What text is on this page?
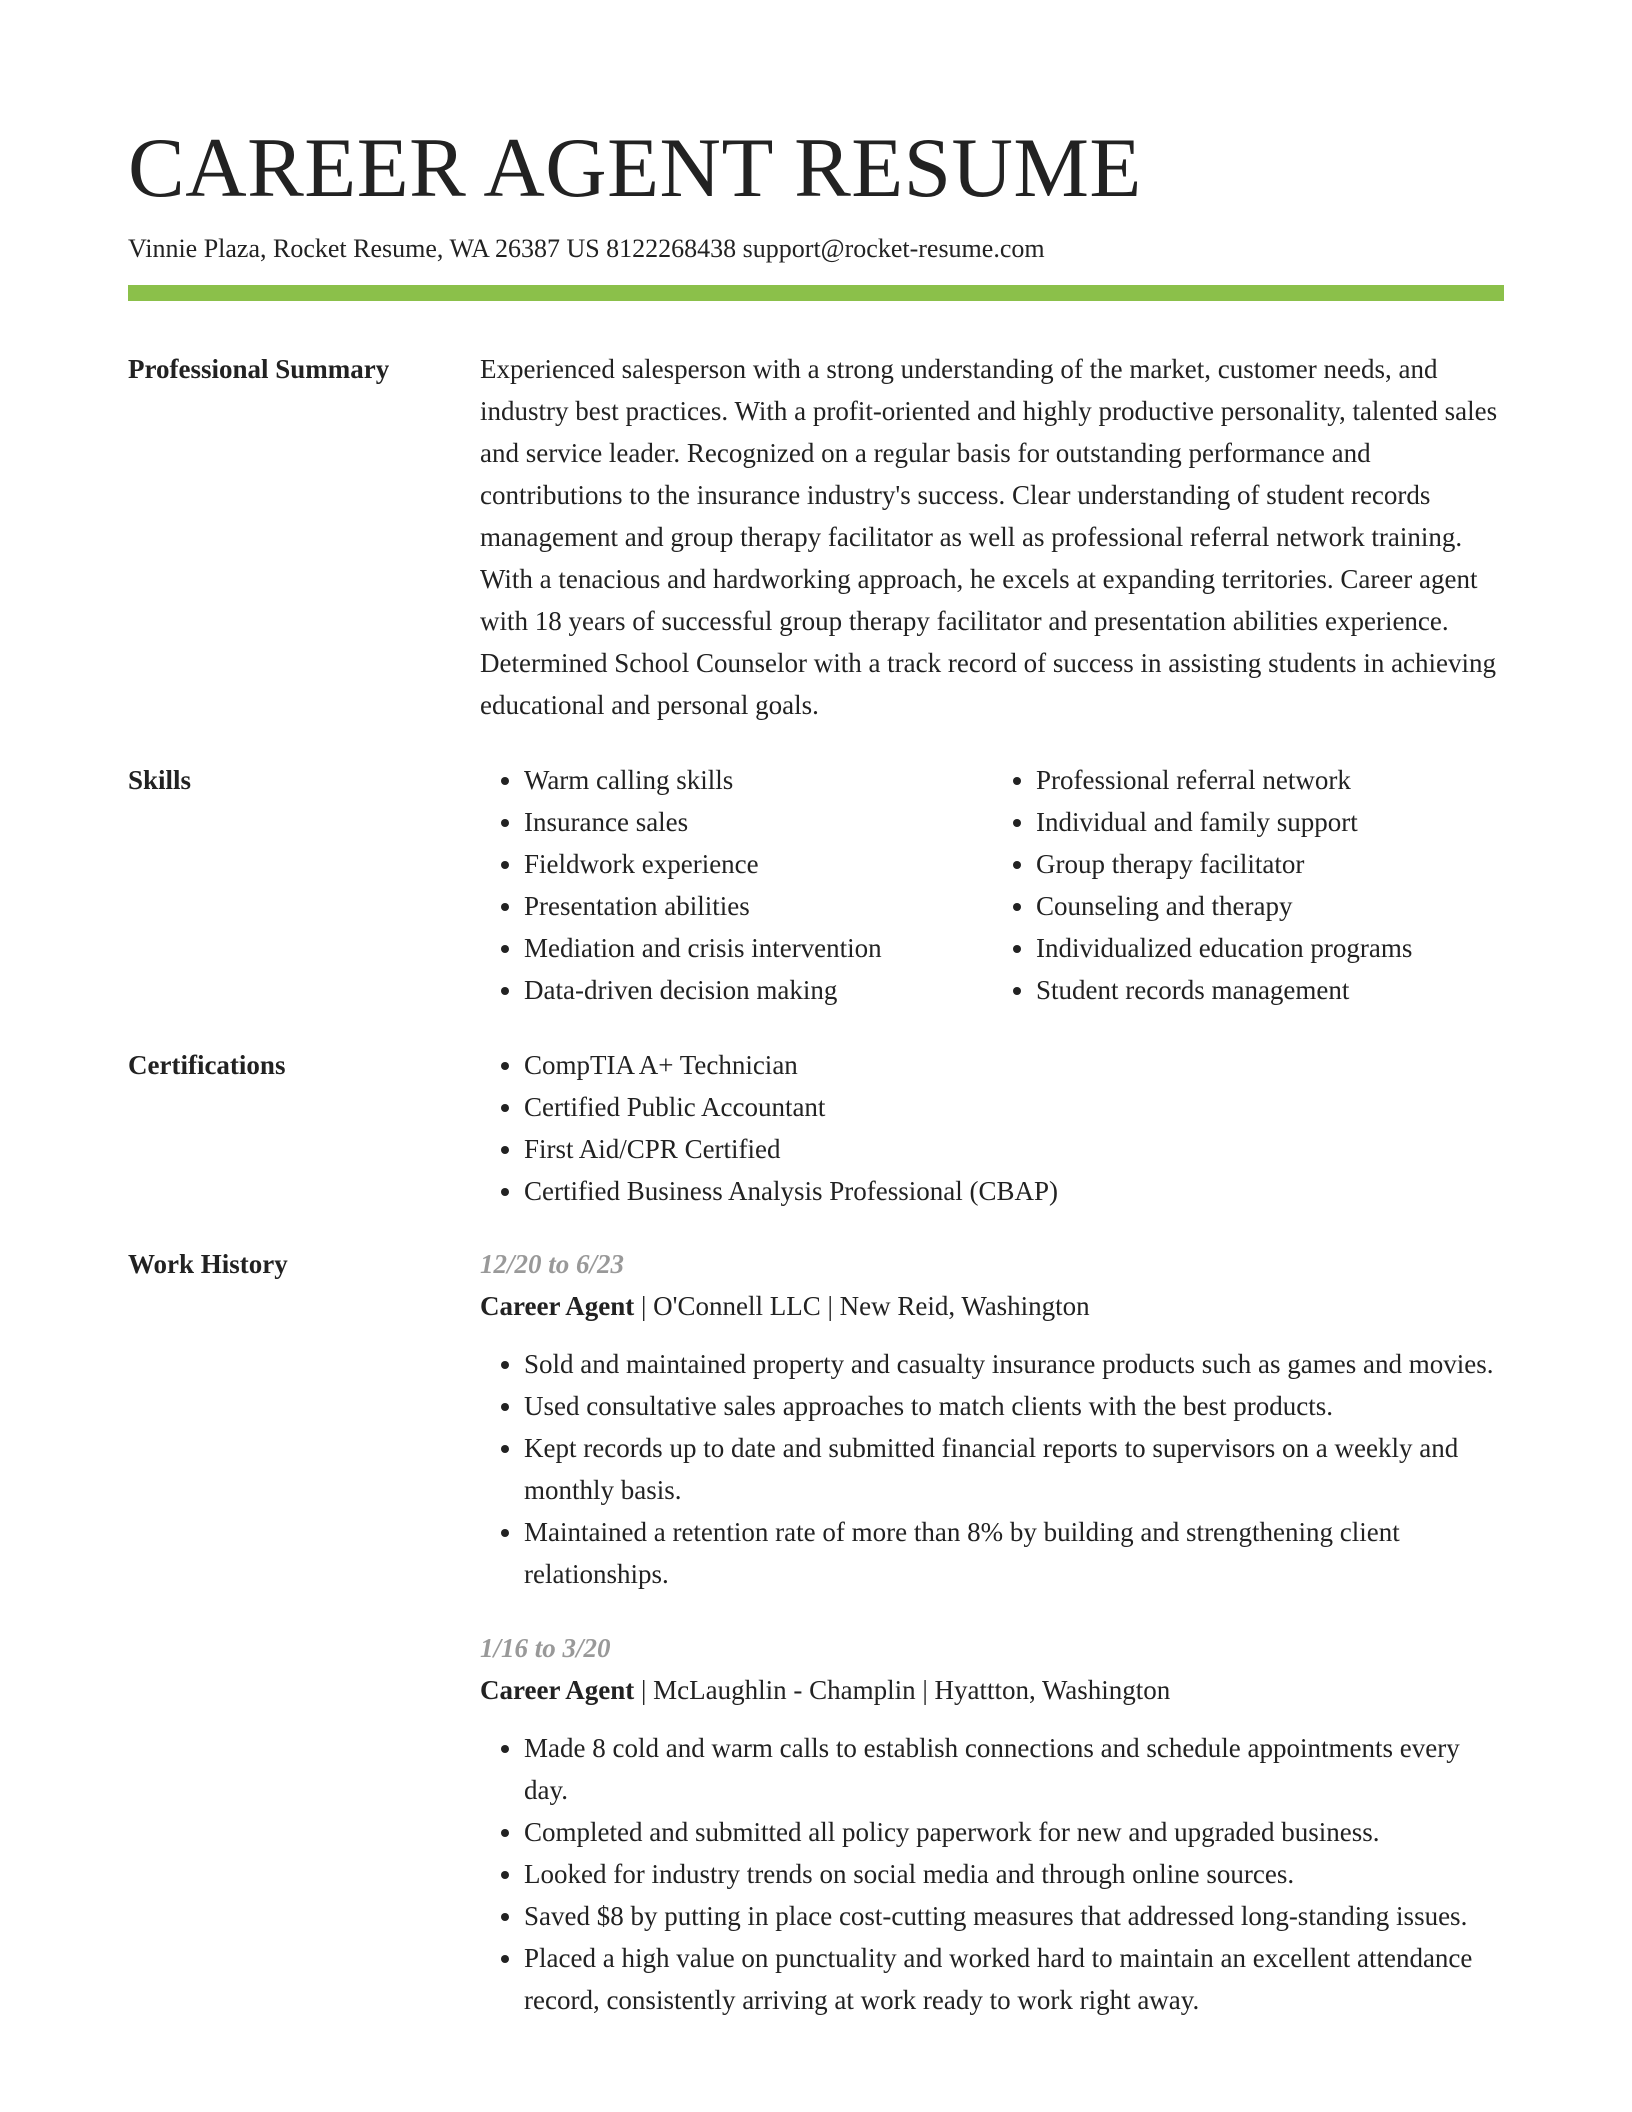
CAREER AGENT RESUME
Vinnie Plaza, Rocket Resume, WA 26387 US 8122268438 support@rocket-resume.com
Professional Summary	Experienced salesperson with a strong understanding of the market, customer needs, and industry best practices. With a profit-oriented and highly productive personality, talented sales and service leader. Recognized on a regular basis for outstanding performance and contributions to the insurance industry's success. Clear understanding of student records management and group therapy facilitator as well as professional referral network training. With a tenacious and hardworking approach, he excels at expanding territories. Career agent with 18 years of successful group therapy facilitator and presentation abilities experience. Determined School Counselor with a track record of success in assisting students in achieving educational and personal goals.

Skills	• Warm calling skills
• Insurance sales
• Fieldwork experience
• Presentation abilities
• Mediation and crisis intervention
• Data-driven decision making
• Professional referral network
• Individual and family support
• Group therapy facilitator
• Counseling and therapy
• Individualized education programs
• Student records management
Certifications	• CompTIA A+ Technician
• Certified Public Accountant
• First Aid/CPR Certified
• Certified Business Analysis Professional (CBAP)
Work History	12/20 to 6/23
Career Agent | O'Connell LLC | New Reid, Washington
• Sold and maintained property and casualty insurance products such as games and movies.
• Used consultative sales approaches to match clients with the best products.
• Kept records up to date and submitted financial reports to supervisors on a weekly and monthly basis.
• Maintained a retention rate of more than 8% by building and strengthening client relationships.
1/16 to 3/20
Career Agent | McLaughlin - Champlin | Hyattton, Washington
• Made 8 cold and warm calls to establish connections and schedule appointments every day.
• Completed and submitted all policy paperwork for new and upgraded business.
• Looked for industry trends on social media and through online sources.
• Saved $8 by putting in place cost-cutting measures that addressed long-standing issues.
• Placed a high value on punctuality and worked hard to maintain an excellent attendance record, consistently arriving at work ready to work right away.
